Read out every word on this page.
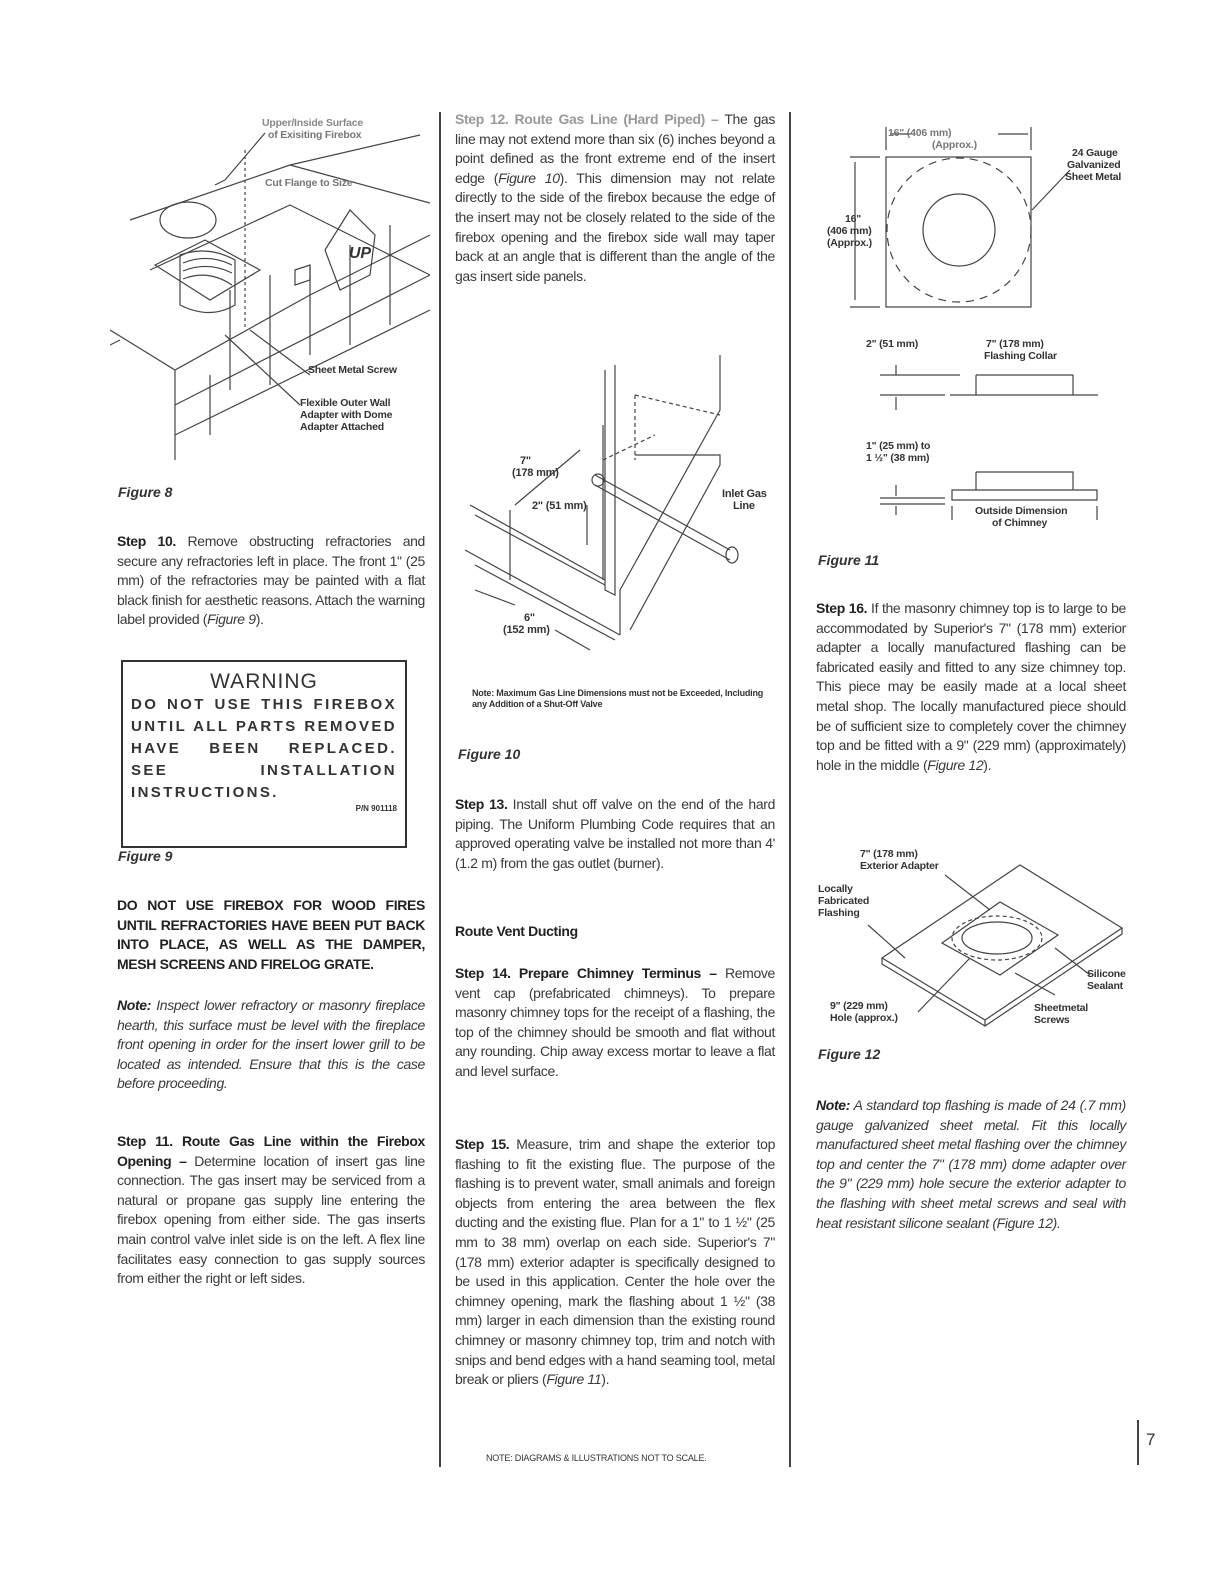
Upper/Inside Surface
of Exisiting Firebox
Cut Flange to Size
UP
Sheet Metal Screw
Flexible Outer Wall
Adapter with Dome
Adapter Attached
Figure 8

Step 10. Remove obstructing refractories and secure any refractories left in place. The front 1" (25 mm) of the refractories may be painted with a flat black finish for aesthetic reasons. Attach the warning label provided (Figure 9).

WARNING
DO NOT USE THIS FIREBOX UNTIL ALL PARTS REMOVED HAVE BEEN REPLACED. SEE INSTALLATION INSTRUCTIONS.
P/N 901118
Figure 9
DO NOT USE FIREBOX FOR WOOD FIRES UNTIL REFRACTORIES HAVE BEEN PUT BACK INTO PLACE, AS WELL AS THE DAMPER, MESH SCREENS AND FIRELOG GRATE.

Note: Inspect lower refractory or masonry fireplace hearth, this surface must be level with the fireplace front opening in order for the insert lower grill to be located as intended. Ensure that this is the case before proceeding.

Step 11. Route Gas Line within the Firebox Opening – Determine location of insert gas line connection. The gas insert may be serviced from a natural or propane gas supply line entering the firebox opening from either side. The gas inserts main control valve inlet side is on the left. A flex line facilitates easy connection to gas supply sources from either the right or left sides.

Step 12. Route Gas Line (Hard Piped) – The gas line may not extend more than six (6) inches beyond a point defined as the front extreme end of the insert edge (Figure 10). This dimension may not relate directly to the side of the firebox because the edge of the insert may not be closely related to the side of the firebox opening and the firebox side wall may taper back at an angle that is different than the angle of the gas insert side panels.

7"
(178 mm)
2" (51 mm)
Inlet Gas
Line
6"
(152 mm)
Note: Maximum Gas Line Dimensions must not be Exceeded, Including any Addition of a Shut-Off Valve
Figure 10

Step 13. Install shut off valve on the end of the hard piping. The Uniform Plumbing Code requires that an approved operating valve be installed not more than 4' (1.2 m) from the gas outlet (burner).

Route Vent Ducting

Step 14. Prepare Chimney Terminus – Remove vent cap (prefabricated chimneys). To prepare masonry chimney tops for the receipt of a flashing, the top of the chimney should be smooth and flat without any rounding. Chip away excess mortar to leave a flat and level surface.

Step 15. Measure, trim and shape the exterior top flashing to fit the existing flue. The purpose of the flashing is to prevent water, small animals and foreign objects from entering the area between the flex ducting and the existing flue. Plan for a 1" to 1 ½" (25 mm to 38 mm) overlap on each side. Superior's 7" (178 mm) exterior adapter is specifically designed to be used in this application. Center the hole over the chimney opening, mark the flashing about 1 ½" (38 mm) larger in each dimension than the existing round chimney or masonry chimney top, trim and notch with snips and bend edges with a hand seaming tool, metal break or pliers (Figure 11).

NOTE: DIAGRAMS & ILLUSTRATIONS NOT TO SCALE.
16" (406 mm)
(Approx.)
24 Gauge
Galvanized
Sheet Metal
16"
(406 mm)
(Approx.)
2" (51 mm)	7" (178 mm)
Flashing Collar
1" (25 mm) to
1 ½" (38 mm)
Outside Dimension
of Chimney
Figure 11

Step 16. If the masonry chimney top is to large to be accommodated by Superior's 7" (178 mm) exterior adapter a locally manufactured flashing can be fabricated easily and fitted to any size chimney top. This piece may be easily made at a local sheet metal shop. The locally manufactured piece should be of sufficient size to completely cover the chimney top and be fitted with a 9" (229 mm) (approximately) hole in the middle (Figure 12).

7" (178 mm)
Exterior Adapter
Locally
Fabricated
Flashing
Silicone
Sealant
9" (229 mm)
Hole (approx.)
Sheetmetal
Screws
Figure 12

Note: A standard top flashing is made of 24 (.7 mm) gauge galvanized sheet metal. Fit this locally manufactured sheet metal flashing over the chimney top and center the 7" (178 mm) dome adapter over the 9" (229 mm) hole secure the exterior adapter to the flashing with sheet metal screws and seal with heat resistant silicone sealant (Figure 12).

7
